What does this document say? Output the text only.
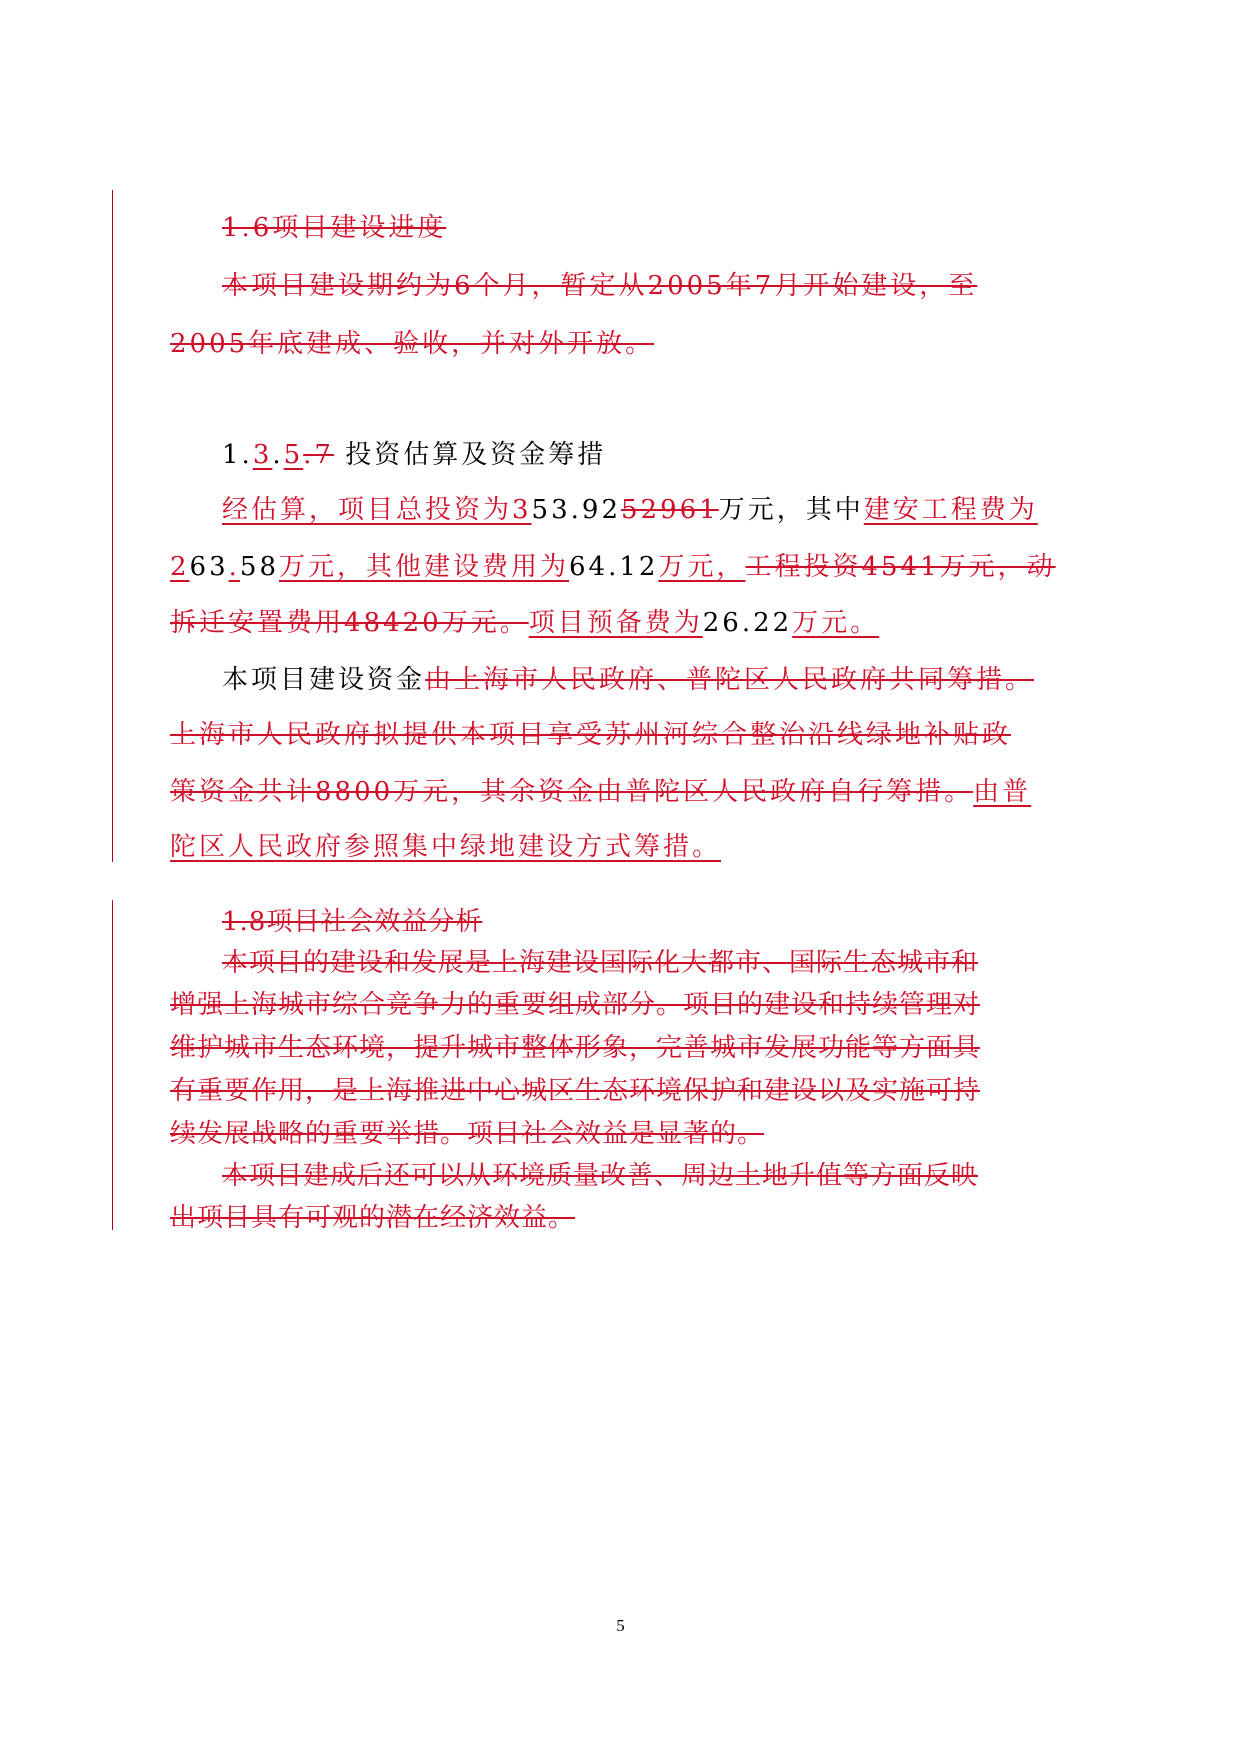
1.6项目建设进度
本项目建设期约为6个月，暂定从2005年7月开始建设，至
2005年底建成、验收，并对外开放。
1.3.5.7 投资估算及资金筹措
经估算，项目总投资为353.9252961万元，其中建安工程费为
263.58万元，其他建设费用为64.12万元，工程投资4541万元，动
拆迁安置费用48420万元。项目预备费为26.22万元。
本项目建设资金由上海市人民政府、普陀区人民政府共同筹措。
上海市人民政府拟提供本项目享受苏州河综合整治沿线绿地补贴政
策资金共计8800万元，其余资金由普陀区人民政府自行筹措。由普
陀区人民政府参照集中绿地建设方式筹措。
1.8项目社会效益分析
本项目的建设和发展是上海建设国际化大都市、国际生态城市和
增强上海城市综合竞争力的重要组成部分。项目的建设和持续管理对
维护城市生态环境，提升城市整体形象，完善城市发展功能等方面具
有重要作用，是上海推进中心城区生态环境保护和建设以及实施可持
续发展战略的重要举措。项目社会效益是显著的。
本项目建成后还可以从环境质量改善、周边土地升值等方面反映
出项目具有可观的潜在经济效益。
5
